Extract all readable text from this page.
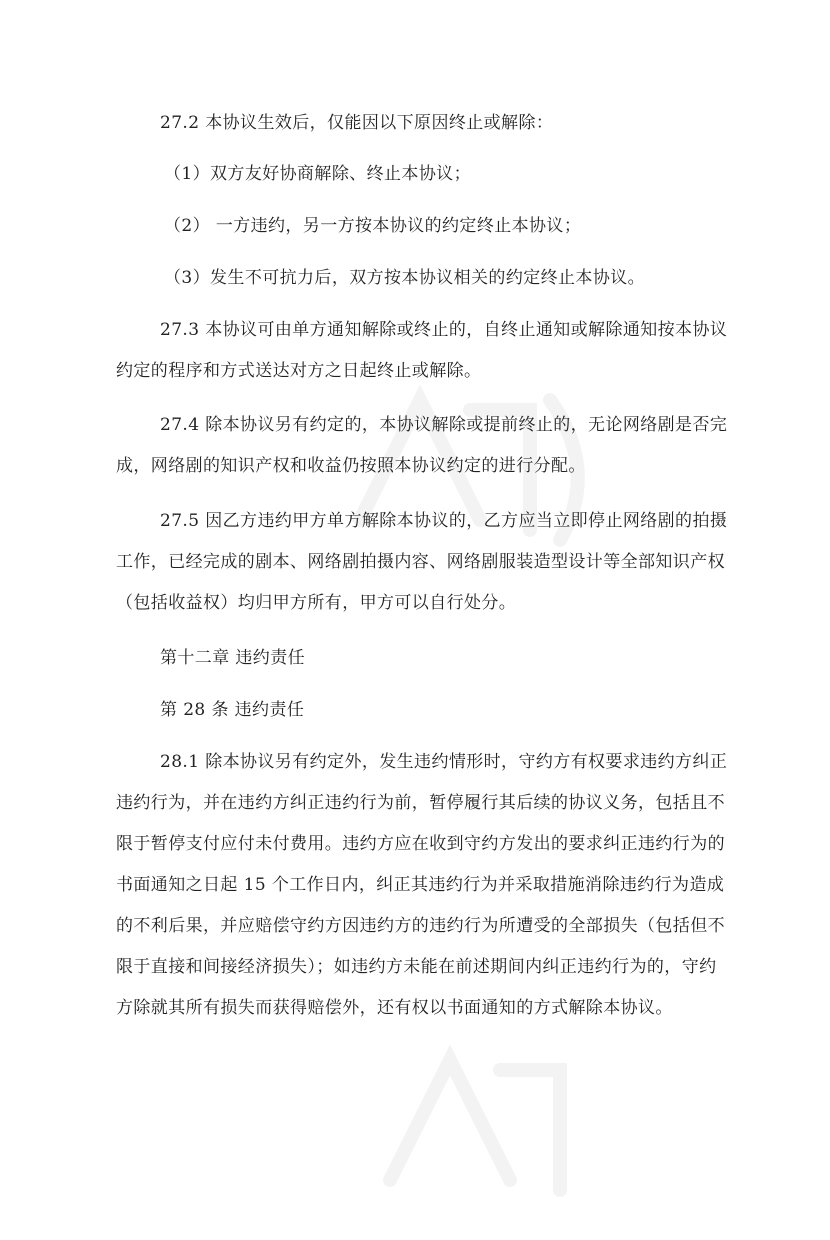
27.2 本协议生效后，仅能因以下原因终止或解除：
（1）双方友好协商解除、终止本协议；
（2） 一方违约，另一方按本协议的约定终止本协议；
（3）发生不可抗力后，双方按本协议相关的约定终止本协议。
27.3 本协议可由单方通知解除或终止的，自终止通知或解除通知按本协议
约定的程序和方式送达对方之日起终止或解除。
27.4 除本协议另有约定的，本协议解除或提前终止的，无论网络剧是否完
成，网络剧的知识产权和收益仍按照本协议约定的进行分配。
27.5 因乙方违约甲方单方解除本协议的，乙方应当立即停止网络剧的拍摄
工作，已经完成的剧本、网络剧拍摄内容、网络剧服装造型设计等全部知识产权
（包括收益权）均归甲方所有，甲方可以自行处分。
第十二章 违约责任
第 28 条 违约责任
28.1 除本协议另有约定外，发生违约情形时，守约方有权要求违约方纠正
违约行为，并在违约方纠正违约行为前，暂停履行其后续的协议义务，包括且不
限于暂停支付应付未付费用。违约方应在收到守约方发出的要求纠正违约行为的
书面通知之日起 15 个工作日内，纠正其违约行为并采取措施消除违约行为造成
的不利后果，并应赔偿守约方因违约方的违约行为所遭受的全部损失（包括但不
限于直接和间接经济损失）；如违约方未能在前述期间内纠正违约行为的，守约
方除就其所有损失而获得赔偿外，还有权以书面通知的方式解除本协议。
